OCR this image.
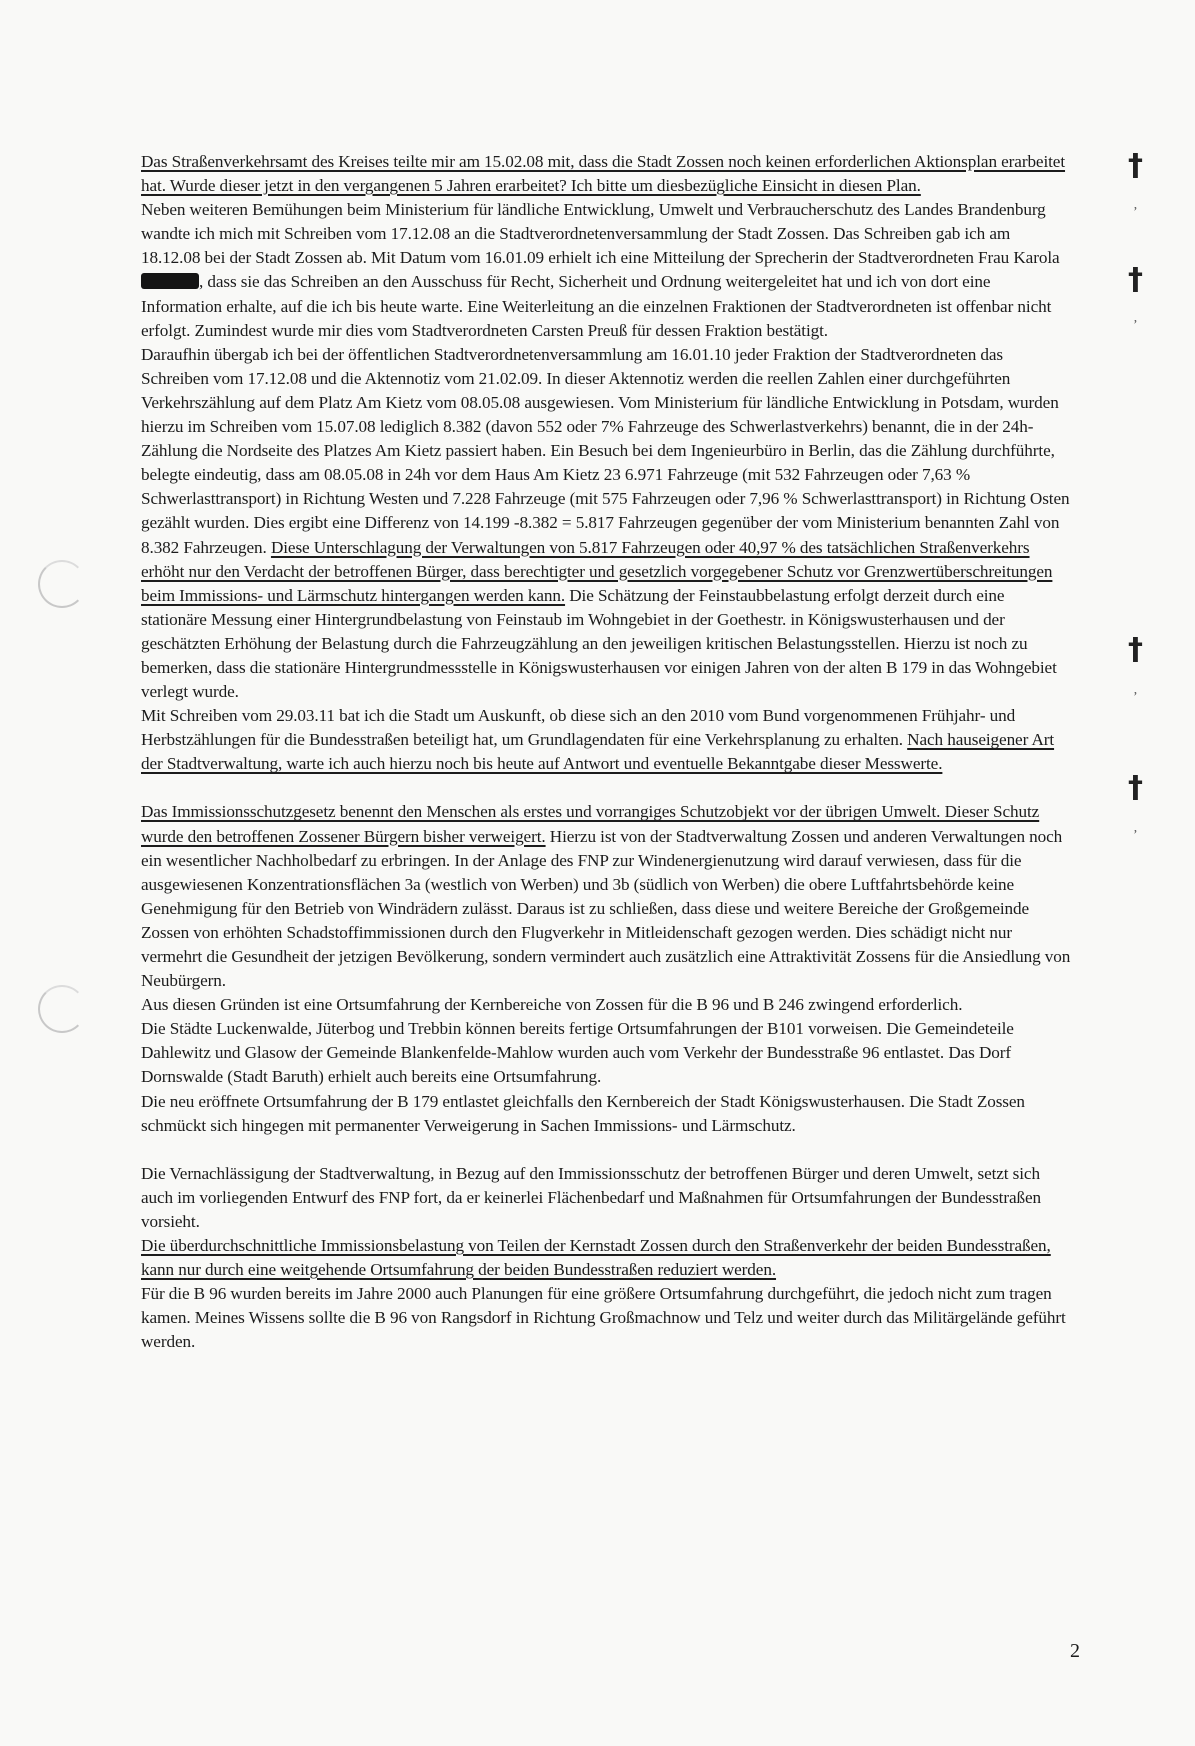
†
’
†
’
†
’
†
’

Das Straßenverkehrsamt des Kreises teilte mir am 15.02.08 mit, dass die Stadt Zossen noch keinen erforderlichen Aktionsplan erarbeitet hat. Wurde dieser jetzt in den vergangenen 5 Jahren erarbeitet? Ich bitte um diesbezügliche Einsicht in diesen Plan.

Neben weiteren Bemühungen beim Ministerium für ländliche Entwicklung, Umwelt und Verbraucherschutz des Landes Brandenburg wandte ich mich mit Schreiben vom 17.12.08 an die Stadtverordnetenversammlung der Stadt Zossen. Das Schreiben gab ich am 18.12.08 bei der Stadt Zossen ab. Mit Datum vom 16.01.09 erhielt ich eine Mitteilung der Sprecherin der Stadtverordneten Frau Karola , dass sie das Schreiben an den Ausschuss für Recht, Sicherheit und Ordnung weitergeleitet hat und ich von dort eine Information erhalte, auf die ich bis heute warte. Eine Weiterleitung an die einzelnen Fraktionen der Stadtverordneten ist offenbar nicht erfolgt. Zumindest wurde mir dies vom Stadtverordneten Carsten Preuß für dessen Fraktion bestätigt.

Daraufhin übergab ich bei der öffentlichen Stadtverordnetenversammlung am 16.01.10 jeder Fraktion der Stadtverordneten das Schreiben vom 17.12.08 und die Aktennotiz vom 21.02.09. In dieser Aktennotiz werden die reellen Zahlen einer durchgeführten Verkehrszählung auf dem Platz Am Kietz vom 08.05.08 ausgewiesen. Vom Ministerium für ländliche Entwicklung in Potsdam, wurden hierzu im Schreiben vom 15.07.08 lediglich 8.382 (davon 552 oder 7% Fahrzeuge des Schwerlastverkehrs) benannt, die in der 24h-Zählung die Nordseite des Platzes Am Kietz passiert haben. Ein Besuch bei dem Ingenieurbüro in Berlin, das die Zählung durchführte, belegte eindeutig, dass am 08.05.08 in 24h vor dem Haus Am Kietz 23 6.971 Fahrzeuge (mit 532 Fahrzeugen oder 7,63 % Schwerlasttransport) in Richtung Westen und 7.228 Fahrzeuge (mit 575 Fahrzeugen oder 7,96 % Schwerlasttransport) in Richtung Osten gezählt wurden. Dies ergibt eine Differenz von 14.199 -8.382 = 5.817 Fahrzeugen gegenüber der vom Ministerium benannten Zahl von 8.382 Fahrzeugen. Diese Unterschlagung der Verwaltungen von 5.817 Fahrzeugen oder 40,97 % des tatsächlichen Straßenverkehrs erhöht nur den Verdacht der betroffenen Bürger, dass berechtigter und gesetzlich vorgegebener Schutz vor Grenzwertüberschreitungen beim Immissions- und Lärmschutz hintergangen werden kann. Die Schätzung der Feinstaubbelastung erfolgt derzeit durch eine stationäre Messung einer Hintergrundbelastung von Feinstaub im Wohngebiet in der Goethestr. in Königswusterhausen und der geschätzten Erhöhung der Belastung durch die Fahrzeugzählung an den jeweiligen kritischen Belastungsstellen. Hierzu ist noch zu bemerken, dass die stationäre Hintergrundmessstelle in Königswusterhausen vor einigen Jahren von der alten B 179 in das Wohngebiet verlegt wurde.

Mit Schreiben vom 29.03.11 bat ich die Stadt um Auskunft, ob diese sich an den 2010 vom Bund vorgenommenen Frühjahr- und Herbstzählungen für die Bundesstraßen beteiligt hat, um Grundlagendaten für eine Verkehrsplanung zu erhalten. Nach hauseigener Art der Stadtverwaltung, warte ich auch hierzu noch bis heute auf Antwort und eventuelle Bekanntgabe dieser Messwerte.

Das Immissionsschutzgesetz benennt den Menschen als erstes und vorrangiges Schutzobjekt vor der übrigen Umwelt. Dieser Schutz wurde den betroffenen Zossener Bürgern bisher verweigert. Hierzu ist von der Stadtverwaltung Zossen und anderen Verwaltungen noch ein wesentlicher Nachholbedarf zu erbringen. In der Anlage des FNP zur Windenergienutzung wird darauf verwiesen, dass für die ausgewiesenen Konzentrationsflächen 3a (westlich von Werben) und 3b (südlich von Werben) die obere Luftfahrtsbehörde keine Genehmigung für den Betrieb von Windrädern zulässt. Daraus ist zu schließen, dass diese und weitere Bereiche der Großgemeinde Zossen von erhöhten Schadstoffimmissionen durch den Flugverkehr in Mitleidenschaft gezogen werden. Dies schädigt nicht nur vermehrt die Gesundheit der jetzigen Bevölkerung, sondern vermindert auch zusätzlich eine Attraktivität Zossens für die Ansiedlung von Neubürgern.

Aus diesen Gründen ist eine Ortsumfahrung der Kernbereiche von Zossen für die B 96 und B 246 zwingend erforderlich.

Die Städte Luckenwalde, Jüterbog und Trebbin können bereits fertige Ortsumfahrungen der B101 vorweisen. Die Gemeindeteile Dahlewitz und Glasow der Gemeinde Blankenfelde-Mahlow wurden auch vom Verkehr der Bundesstraße 96 entlastet. Das Dorf Dornswalde (Stadt Baruth) erhielt auch bereits eine Ortsumfahrung.

Die neu eröffnete Ortsumfahrung der B 179 entlastet gleichfalls den Kernbereich der Stadt Königswusterhausen. Die Stadt Zossen schmückt sich hingegen mit permanenter Verweigerung in Sachen Immissions- und Lärmschutz.

Die Vernachlässigung der Stadtverwaltung, in Bezug auf den Immissionsschutz der betroffenen Bürger und deren Umwelt, setzt sich auch im vorliegenden Entwurf des FNP fort, da er keinerlei Flächenbedarf und Maßnahmen für Ortsumfahrungen der Bundesstraßen vorsieht.

Die überdurchschnittliche Immissionsbelastung von Teilen der Kernstadt Zossen durch den Straßenverkehr der beiden Bundesstraßen, kann nur durch eine weitgehende Ortsumfahrung der beiden Bundesstraßen reduziert werden.

Für die B 96 wurden bereits im Jahre 2000 auch Planungen für eine größere Ortsumfahrung durchgeführt, die jedoch nicht zum tragen kamen. Meines Wissens sollte die B 96 von Rangsdorf in Richtung Großmachnow und Telz und weiter durch das Militärgelände geführt werden.

2
